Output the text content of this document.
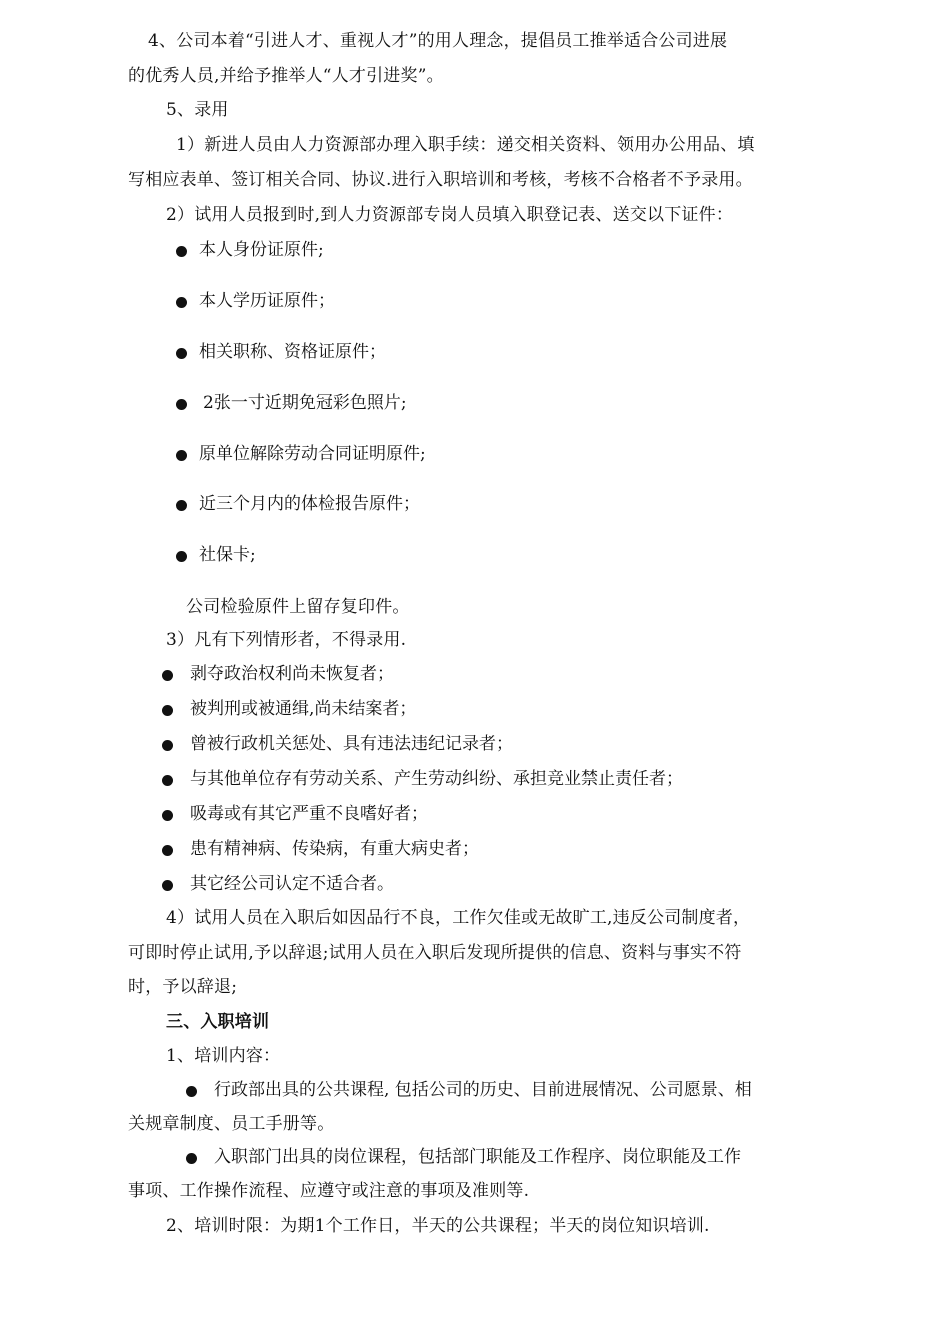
4、公司本着“引进人才、重视人才”的用人理念，提倡员工推举适合公司进展
的优秀人员,并给予推举人“人才引进奖”。
5、录用
1）新进人员由人力资源部办理入职手续：递交相关资料、领用办公用品、填
写相应表单、签订相关合同、协议.进行入职培训和考核，考核不合格者不予录用。
2）试用人员报到时,到人力资源部专岗人员填入职登记表、送交以下证件：
本人身份证原件;
本人学历证原件；
相关职称、资格证原件；
2张一寸近期免冠彩色照片;
原单位解除劳动合同证明原件;
近三个月内的体检报告原件；
社保卡;
公司检验原件上留存复印件。
3）凡有下列情形者，不得录用.
剥夺政治权利尚未恢复者；
被判刑或被通缉,尚未结案者；
曾被行政机关惩处、具有违法违纪记录者；
与其他单位存有劳动关系、产生劳动纠纷、承担竞业禁止责任者；
吸毒或有其它严重不良嗜好者；
患有精神病、传染病，有重大病史者；
其它经公司认定不适合者。
4）试用人员在入职后如因品行不良，工作欠佳或无故旷工,违反公司制度者，
可即时停止试用,予以辞退;试用人员在入职后发现所提供的信息、资料与事实不符
时，予以辞退;
三、入职培训
1、培训内容：
行政部出具的公共课程, 包括公司的历史、目前进展情况、公司愿景、相
关规章制度、员工手册等。
入职部门出具的岗位课程，包括部门职能及工作程序、岗位职能及工作
事项、工作操作流程、应遵守或注意的事项及准则等.
2、培训时限：为期1个工作日，半天的公共课程；半天的岗位知识培训.
